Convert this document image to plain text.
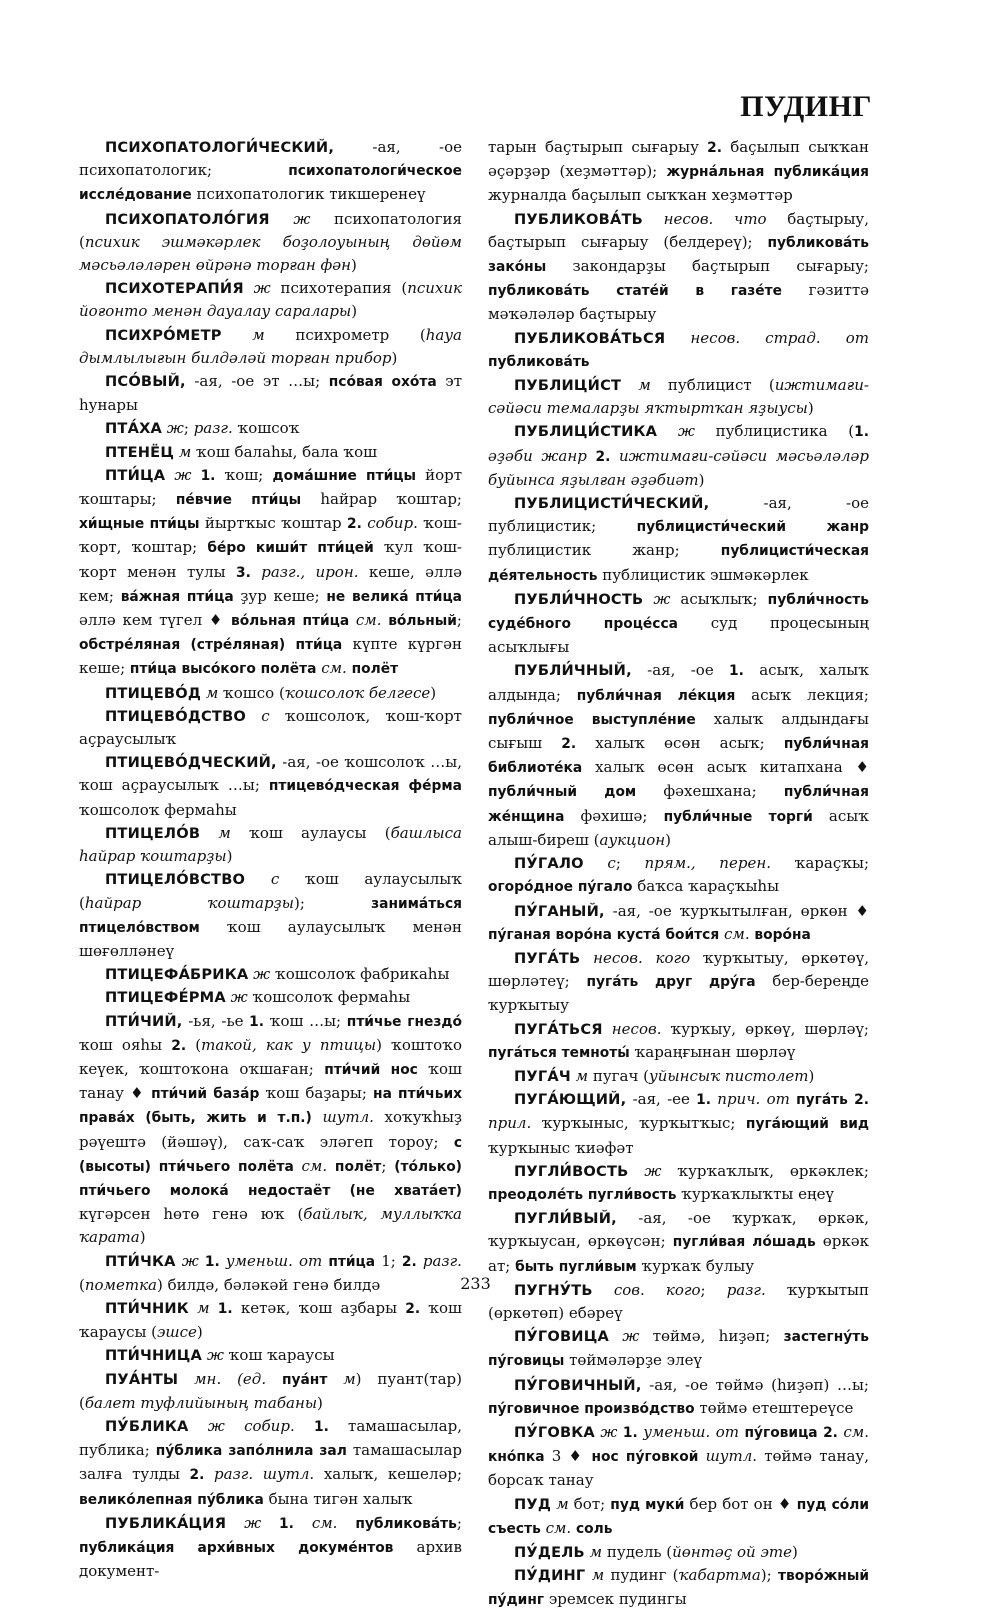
ПУДИНГ

ПСИХОПАТОЛОГИ́ЧЕСКИЙ, -ая, -ое психопатологик; психопатологи́ческое иссле́дование психопатологик тикшеренеү

ПСИХОПАТОЛО́ГИЯ ж психопатология (психик эшмәкәрлек боҙолоуының дөйөм мәсьәләләрен өйрәнә торған фән)

ПСИХОТЕРАПИ́Я ж психотерапия (психик йоғонто менән дауалау саралары)

ПСИХРО́МЕТР м психрометр (һауа дымлылығын билдәләй торған прибор)

ПСО́ВЫЙ, -ая, -ое эт …ы; псо́вая охо́та эт һунары

ПТА́ХА ж; разг. ҡошсоҡ

ПТЕНЁЦ м ҡош балаһы, бала ҡош

ПТИ́ЦА ж 1. ҡош; дома́шние пти́цы йорт ҡоштары; пе́вчие пти́цы һайрар ҡоштар; хи́щные пти́цы йыртҡыс ҡоштар 2. собир. ҡош-ҡорт, ҡоштар; бе́ро киши́т пти́цей ҡул ҡош-ҡорт менән тулы 3. разг., ирон. кеше, әллә кем; ва́жная пти́ца ҙур кеше; не велика́ пти́ца әллә кем түгел ♦ во́льная пти́ца см. во́льный; обстре́ляная (стре́ляная) пти́ца күпте күргән кеше; пти́ца высо́кого полёта см. полёт

ПТИЦЕВО́Д м ҡошсо (ҡошсолоҡ белгесе)

ПТИЦЕВО́ДСТВО с ҡошсолоҡ, ҡош-ҡорт аҫраусылыҡ

ПТИЦЕВО́ДЧЕСКИЙ, -ая, -ое ҡошсолоҡ …ы, ҡош аҫраусылыҡ …ы; птицево́дческая фе́рма ҡошсолоҡ фермаһы

ПТИЦЕЛО́В м ҡош аулаусы (башлыса һайрар ҡоштарҙы)

ПТИЦЕЛО́ВСТВО с ҡош аулаусылыҡ (һайрар ҡоштарҙы); занима́ться птицело́вством ҡош аулаусылыҡ менән шөғөлләнеү

ПТИЦЕФА́БРИКА ж ҡошсолоҡ фабрикаһы

ПТИЦЕФЕ́РМА ж ҡошсолоҡ фермаһы

ПТИ́ЧИЙ, -ья, -ье 1. ҡош …ы; пти́чье гнездо́ ҡош ояһы 2. (такой, как у птицы) ҡоштоҡо кеүек, ҡоштоҡона оҡшаған; пти́чий нос ҡош танау ♦ пти́чий база́р ҡош баҙары; на пти́чьих права́х (быть, жить и т.п.) шутл. хоҡуҡһыҙ рәүештә (йәшәү), саҡ-саҡ эләгеп тороу; с (высоты) пти́чьего полёта см. полёт; (то́лько) пти́чьего молока́ недостаёт (не хвата́ет) күгәрсен һөтө генә юҡ (байлыҡ, муллыҡҡа ҡарата)

ПТИ́ЧКА ж 1. уменьш. от пти́ца 1; 2. разг. (пометка) билдә, бәләкәй генә билдә

ПТИ́ЧНИК м 1. кетәк, ҡош аҙбары 2. ҡош ҡараусы (эшсе)

ПТИ́ЧНИЦА ж ҡош ҡараусы

ПУА́НТЫ мн. (ед. пуа́нт м) пуант(тар) (балет туфлийының табаны)

ПУ́БЛИКА ж собир. 1. тамашасылар, публика; пу́блика запо́лнила зал тамашасылар залға тулды 2. разг. шутл. халыҡ, кешеләр; велико́лепная пу́блика бына тигән халыҡ

ПУБЛИКА́ЦИЯ ж 1. см. публикова́ть; публика́ция архи́вных докуме́нтов архив документ-

тарын баҫтырып сығарыу 2. баҫылып сыҡҡан әҫәрҙәр (хеҙмәттәр); журна́льная публика́ция журналда баҫылып сыҡҡан хеҙмәттәр

ПУБЛИКОВА́ТЬ несов. что баҫтырыу, баҫтырып сығарыу (белдереү); публикова́ть зако́ны закондарҙы баҫтырып сығарыу; публикова́ть стате́й в газе́те гәзиттә мәҡәләләр баҫтырыу

ПУБЛИКОВА́ТЬСЯ несов. страд. от публикова́ть

ПУБЛИЦИ́СТ м публицист (ижтимағи-сәйәси темаларҙы яҡтыртҡан яҙыусы)

ПУБЛИЦИ́СТИКА ж публицистика (1. әҙәби жанр 2. ижтимағи-сәйәси мәсьәләләр буйынса яҙылған әҙәбиәт)

ПУБЛИЦИСТИ́ЧЕСКИЙ, -ая, -ое публицистик; публицисти́ческий жанр публицистик жанр; публицисти́ческая де́ятельность публицистик эшмәкәрлек

ПУБЛИ́ЧНОСТЬ ж асыҡлыҡ; публи́чность суде́бного проце́сса суд процесының асыҡлығы

ПУБЛИ́ЧНЫЙ, -ая, -ое 1. асыҡ, халыҡ алдында; публи́чная ле́кция асыҡ лекция; публи́чное выступле́ние халыҡ алдындағы сығыш 2. халыҡ өсөн асыҡ; публи́чная библиоте́ка халыҡ өсөн асыҡ китапхана ♦ публи́чный дом фәхешхана; публи́чная же́нщина фәхишә; публи́чные торги́ асыҡ алыш-биреш (аукцион)

ПУ́ГАЛО с; прям., перен. ҡараҫҡы; огоро́дное пу́гало баҡса ҡараҫҡыһы

ПУ́ГАНЫЙ, -ая, -ое ҡурҡытылған, өркөн ♦ пу́ганая воро́на куста́ бои́тся см. воро́на

ПУГА́ТЬ несов. кого ҡурҡытыу, өркөтөү, шөрләтеү; пуга́ть друг дру́га бер-береңде ҡурҡытыу

ПУГА́ТЬСЯ несов. ҡурҡыу, өркөү, шөрләү; пуга́ться темноты́ ҡараңғынан шөрләү

ПУГА́Ч м пугач (уйынсыҡ пистолет)

ПУГА́ЮЩИЙ, -ая, -ее 1. прич. от пуга́ть 2. прил. ҡурҡыныс, ҡурҡытҡыс; пуга́ющий вид ҡурҡыныс ҡиәфәт

ПУГЛИ́ВОСТЬ ж ҡурҡаҡлыҡ, өркәклек; преодоле́ть пугли́вость ҡурҡаҡлыҡты еңеү

ПУГЛИ́ВЫЙ, -ая, -ое ҡурҡаҡ, өркәк, ҡурҡыусан, өркөүсән; пугли́вая ло́шадь өркәк ат; быть пугли́вым ҡурҡаҡ булыу

ПУГНУ́ТЬ сов. кого; разг. ҡурҡытып (өркөтөп) ебәреү

ПУ́ГОВИЦА ж төймә, һиҙәп; застегну́ть пу́говицы төймәләрҙе элеү

ПУ́ГОВИЧНЫЙ, -ая, -ое төймә (һиҙәп) …ы; пу́говичное произво́дство төймә етештереүсе

ПУ́ГОВКА ж 1. уменьш. от пу́говица 2. см. кно́пка 3 ♦ нос пу́говкой шутл. төймә танау, борсаҡ танау

ПУД м бот; пуд муки́ бер бот он ♦ пуд со́ли съесть см. соль

ПУ́ДЕЛЬ м пудель (йөнтәҫ ой эте)

ПУ́ДИНГ м пудинг (ҡабартма); творо́жный пу́динг эремсек пудингы

233
